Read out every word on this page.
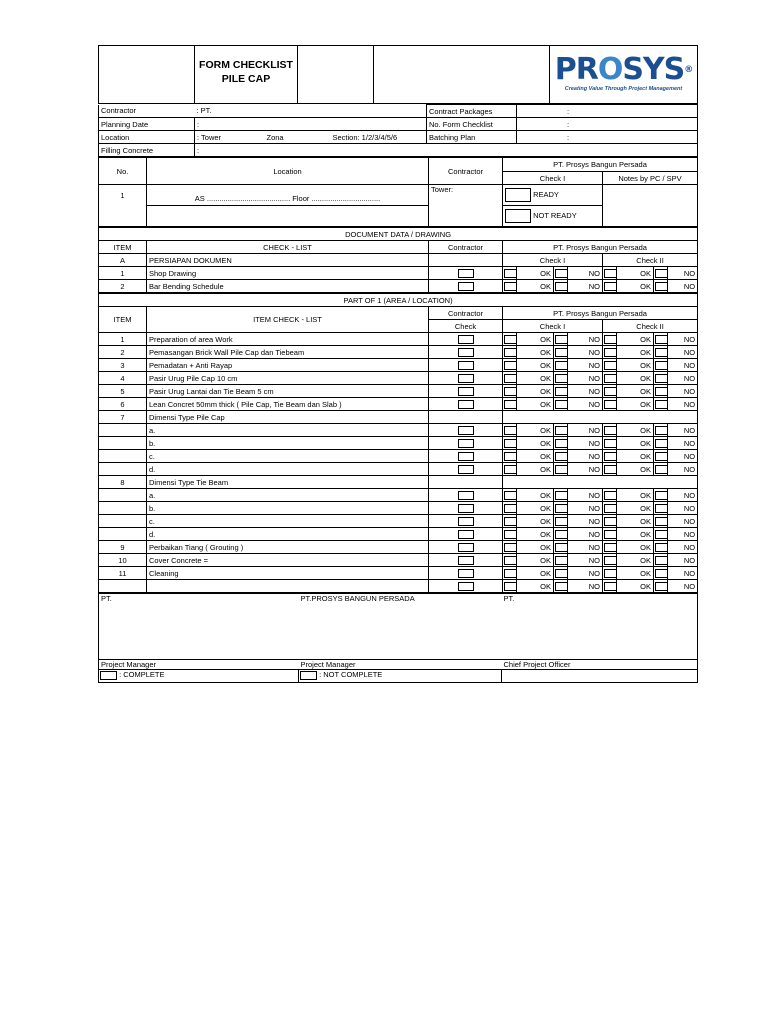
FORM CHECKLIST
PILE CAP			PROSYS®
Creating Value Through Project Management
Contractor	: PT.			Contract Packages	:
Planning Date	:			No. Form Checklist	:
Location	: Tower	Zona	Section: 1/2/3/4/5/6	Batching Plan	:
Filling Concrete	:				
No.	Location	Contractor	PT. Prosys Bangun Persada	
			Check I	Notes by PC / SPV
1	AS ........................................ Floor .................................	Tower:	READY	
			NOT READY	
DOCUMENT DATA / DRAWING										
ITEM	CHECK - LIST	Contractor	PT. Prosys Bangun Persada							
A	PERSIAPAN DOKUMEN		Check I				Check II			
1	Shop Drawing			OK		NO		OK		NO
2	Bar Bending Schedule			OK		NO		OK		NO
PART OF 1 (AREA / LOCATION)										
ITEM	ITEM CHECK - LIST	Contractor	PT. Prosys Bangun Persada							
		Check	Check I				Check II			
1	Preparation of area Work			OK		NO		OK		NO
2	Pemasangan Brick Wall Pile Cap dan Tiebeam			OK		NO		OK		NO
3	Pemadatan + Anti Rayap			OK		NO		OK		NO
4	Pasir Urug Pile Cap 10 cm			OK		NO		OK		NO
5	Pasir Urug Lantai dan Tie Beam 5 cm			OK		NO		OK		NO
6	Lean Concret 50mm thick ( Pile Cap, Tie Beam dan Slab )			OK		NO		OK		NO
7	Dimensi Type Pile Cap									
	a.			OK		NO		OK		NO
	b.			OK		NO		OK		NO
	c.			OK		NO		OK		NO
	d.			OK		NO		OK		NO
8	Dimensi Type Tie Beam									
	a.			OK		NO		OK		NO
	b.			OK		NO		OK		NO
	c.			OK		NO		OK		NO
	d.			OK		NO		OK		NO
9	Perbaikan Tiang ( Grouting )			OK		NO		OK		NO
10	Cover Concrete =			OK		NO		OK		NO
11	Cleaning			OK		NO		OK		NO
				OK		NO		OK		NO
PT.	PT.PROSYS BANGUN PERSADA	PT.

Project Manager	Project Manager	Chief Project Officer
: COMPLETE	: NOT COMPLETE	
